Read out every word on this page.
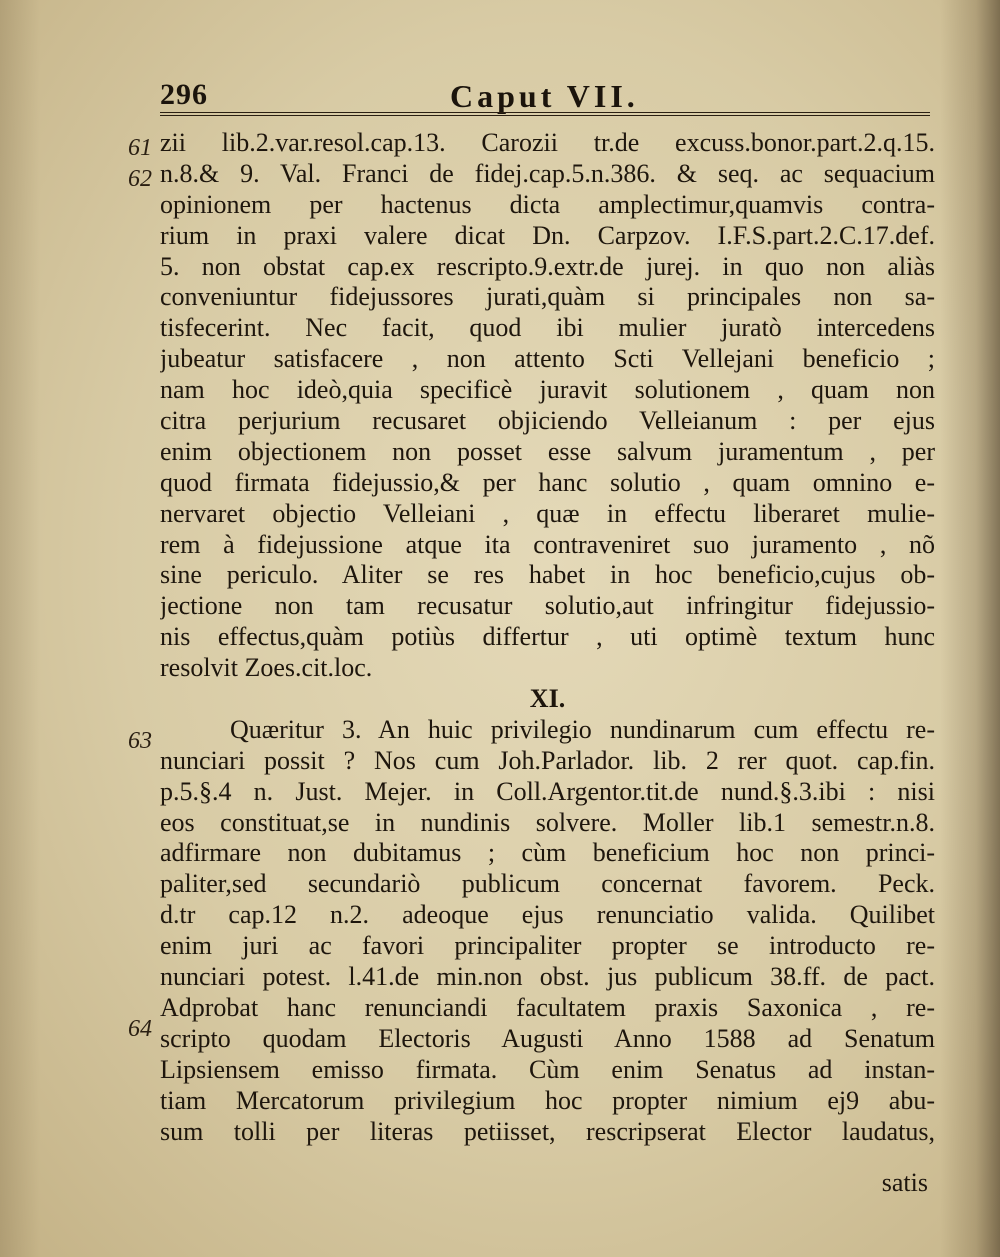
296	Caput VII.
61
62
63
64
zii lib.2.var.resol.cap.13. Carozii tr.de excuss.bonor.part.2.q.15.
n.8.& 9. Val. Franci de fidej.cap.5.n.386. & seq. ac sequacium
opinionem per hactenus dicta amplectimur,quamvis contra-
rium in praxi valere dicat Dn. Carpzov. I.F.S.part.2.C.17.def.
5. non obstat cap.ex rescripto.9.extr.de jurej. in quo non aliàs
conveniuntur fidejussores jurati,quàm si principales non sa-
tisfecerint. Nec facit, quod ibi mulier juratò intercedens
jubeatur satisfacere , non attento Scti Vellejani beneficio ;
nam hoc ideò,quia specificè juravit solutionem , quam non
citra perjurium recusaret objiciendo Velleianum : per ejus
enim objectionem non posset esse salvum juramentum , per
quod firmata fidejussio,& per hanc solutio , quam omnino e-
nervaret objectio Velleiani , quæ in effectu liberaret mulie-
rem à fidejussione atque ita contraveniret suo juramento , nõ
sine periculo. Aliter se res habet in hoc beneficio,cujus ob-
jectione non tam recusatur solutio,aut infringitur fidejussio-
nis effectus,quàm potiùs differtur , uti optimè textum hunc
resolvit Zoes.cit.loc.
XI.
Quæritur 3. An huic privilegio nundinarum cum effectu re-
nunciari possit ? Nos cum Joh.Parlador. lib. 2 rer quot. cap.fin.
p.5.§.4 n. Just. Mejer. in Coll.Argentor.tit.de nund.§.3.ibi : nisi
eos constituat,se in nundinis solvere. Moller lib.1 semestr.n.8.
adfirmare non dubitamus ; cùm beneficium hoc non princi-
paliter,sed secundariò publicum concernat favorem. Peck.
d.tr cap.12 n.2. adeoque ejus renunciatio valida. Quilibet
enim juri ac favori principaliter propter se introducto re-
nunciari potest. l.41.de min.non obst. jus publicum 38.ff. de pact.
Adprobat hanc renunciandi facultatem praxis Saxonica , re-
scripto quodam Electoris Augusti Anno 1588 ad Senatum
Lipsiensem emisso firmata. Cùm enim Senatus ad instan-
tiam Mercatorum privilegium hoc propter nimium ej9 abu-
sum tolli per literas petiisset, rescripserat Elector laudatus,
satis
